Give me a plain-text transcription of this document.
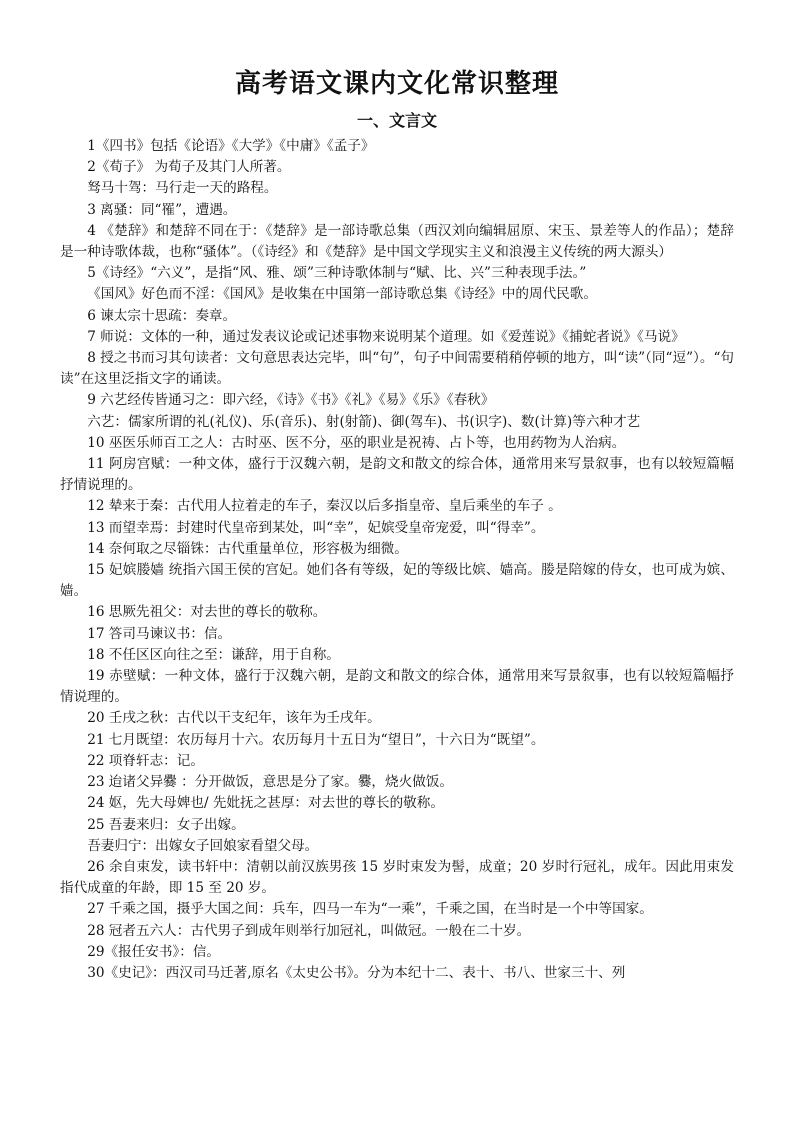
高考语文课内文化常识整理
一、文言文

1《四书》包括《论语》《大学》《中庸》《孟子》

2《荀子》 为荀子及其门人所著。

驽马十驾：马行走一天的路程。

3 离骚：同“罹”，遭遇。

4 《楚辞》和楚辞不同在于：《楚辞》是一部诗歌总集（西汉刘向编辑屈原、宋玉、景差等人的作品）；楚辞是一种诗歌体裁，也称“骚体”。（《诗经》和《楚辞》是中国文学现实主义和浪漫主义传统的两大源头）

5《诗经》“六义”，是指“风、雅、颂”三种诗歌体制与“赋、比、兴”三种表现手法。”

《国风》好色而不淫：《国风》是收集在中国第一部诗歌总集《诗经》中的周代民歌。

6 谏太宗十思疏：奏章。

7 师说：文体的一种，通过发表议论或记述事物来说明某个道理。如《爱莲说》《捕蛇者说》《马说》

8 授之书而习其句读者：文句意思表达完毕，叫“句”，句子中间需要稍稍停顿的地方，叫“读”（同“逗”）。“句读”在这里泛指文字的诵读。

9 六艺经传皆通习之：即六经，《诗》《书》《礼》《易》《乐》《春秋》

六艺：儒家所谓的礼(礼仪)、乐(音乐)、射(射箭)、御(驾车)、书(识字)、数(计算)等六种才艺

10 巫医乐师百工之人：古时巫、医不分，巫的职业是祝祷、占卜等，也用药物为人治病。

11 阿房宫赋：一种文体，盛行于汉魏六朝，是韵文和散文的综合体，通常用来写景叙事，也有以较短篇幅抒情说理的。

12 辇来于秦：古代用人拉着走的车子，秦汉以后多指皇帝、皇后乘坐的车子 。

13 而望幸焉：封建时代皇帝到某处，叫“幸”，妃嫔受皇帝宠爱，叫“得幸”。

14 奈何取之尽锱铢：古代重量单位，形容极为细微。

15 妃嫔媵嫱 统指六国王侯的宫妃。她们各有等级，妃的等级比嫔、嫱高。媵是陪嫁的侍女，也可成为嫔、嫱。

16 思厥先祖父：对去世的尊长的敬称。

17 答司马谏议书：信。

18 不任区区向往之至：谦辞，用于自称。

19 赤壁赋：一种文体，盛行于汉魏六朝，是韵文和散文的综合体，通常用来写景叙事，也有以较短篇幅抒情说理的。

20 壬戌之秋：古代以干支纪年，该年为壬戌年。

21 七月既望：农历每月十六。农历每月十五日为“望日”，十六日为“既望”。

22 项脊轩志：记。

23 迨诸父异爨 ：分开做饭，意思是分了家。爨，烧火做饭。

24 妪，先大母婢也/ 先妣抚之甚厚：对去世的尊长的敬称。

25 吾妻来归：女子出嫁。

吾妻归宁：出嫁女子回娘家看望父母。

26 余自束发，读书轩中：清朝以前汉族男孩 15 岁时束发为髻，成童；20 岁时行冠礼，成年。因此用束发指代成童的年龄，即 15 至 20 岁。

27 千乘之国，摄乎大国之间：兵车，四马一车为“一乘”，千乘之国，在当时是一个中等国家。

28 冠者五六人：古代男子到成年则举行加冠礼，叫做冠。一般在二十岁。

29《报任安书》：信。

30《史记》：西汉司马迁著,原名《太史公书》。分为本纪十二、表十、书八、世家三十、列
